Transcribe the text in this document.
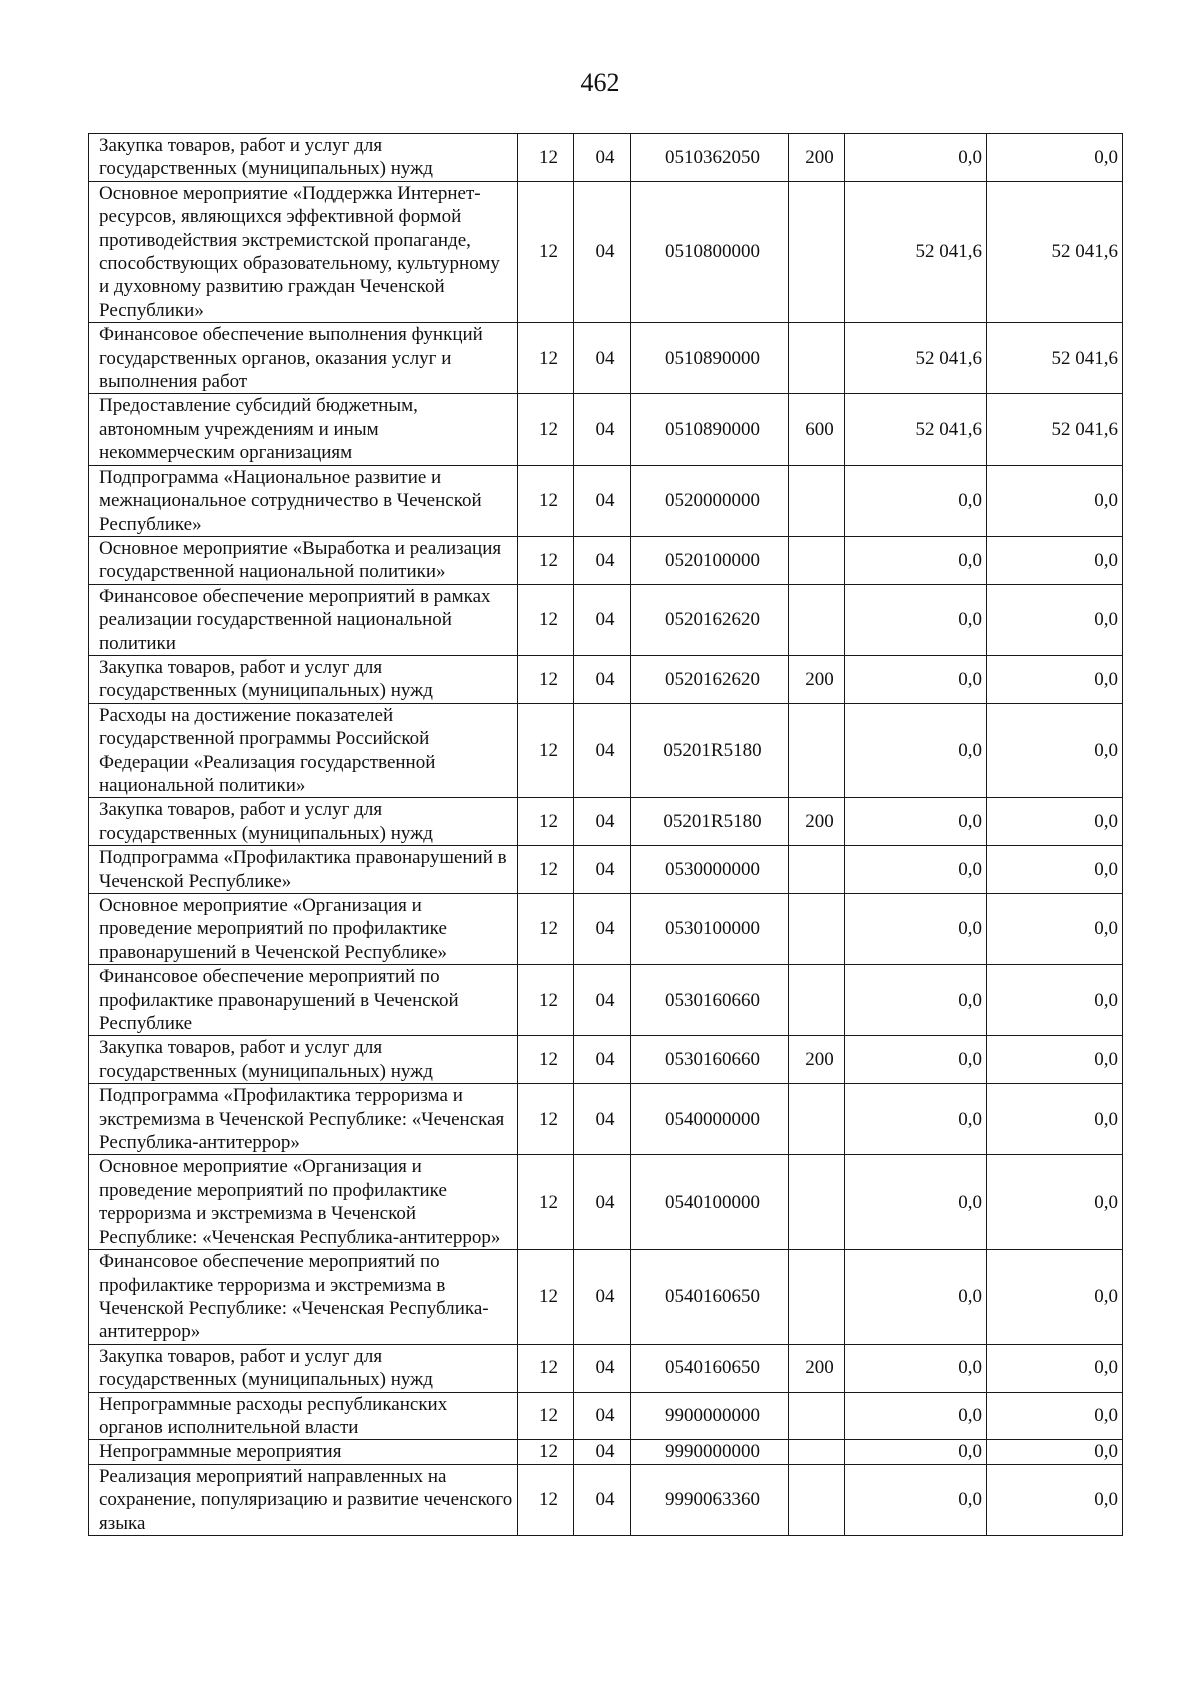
462
Закупка товаров, работ и услуг для государственных (муниципальных) нужд	12	04	0510362050	200	0,0	0,0
Основное мероприятие «Поддержка Интернет-ресурсов, являющихся эффективной формой противодействия экстремистской пропаганде, способствующих образовательному, культурному и духовному развитию граждан Чеченской Республики»	12	04	0510800000		52 041,6	52 041,6
Финансовое обеспечение выполнения функций государственных органов, оказания услуг и выполнения работ	12	04	0510890000		52 041,6	52 041,6
Предоставление субсидий бюджетным, автономным учреждениям и иным некоммерческим организациям	12	04	0510890000	600	52 041,6	52 041,6
Подпрограмма «Национальное развитие и межнациональное сотрудничество в Чеченской Республике»	12	04	0520000000		0,0	0,0
Основное мероприятие «Выработка и реализация государственной национальной политики»	12	04	0520100000		0,0	0,0
Финансовое обеспечение мероприятий в рамках реализации государственной национальной политики	12	04	0520162620		0,0	0,0
Закупка товаров, работ и услуг для государственных (муниципальных) нужд	12	04	0520162620	200	0,0	0,0
Расходы на достижение показателей государственной программы Российской Федерации «Реализация государственной национальной политики»	12	04	05201R5180		0,0	0,0
Закупка товаров, работ и услуг для государственных (муниципальных) нужд	12	04	05201R5180	200	0,0	0,0
Подпрограмма «Профилактика правонарушений в Чеченской Республике»	12	04	0530000000		0,0	0,0
Основное мероприятие «Организация и проведение мероприятий по профилактике правонарушений в Чеченской Республике»	12	04	0530100000		0,0	0,0
Финансовое обеспечение мероприятий по профилактике правонарушений в Чеченской Республике	12	04	0530160660		0,0	0,0
Закупка товаров, работ и услуг для государственных (муниципальных) нужд	12	04	0530160660	200	0,0	0,0
Подпрограмма «Профилактика терроризма и экстремизма в Чеченской Республике: «Чеченская Республика-антитеррор»	12	04	0540000000		0,0	0,0
Основное мероприятие «Организация и проведение мероприятий по профилактике терроризма и экстремизма в Чеченской Республике: «Чеченская Республика-антитеррор»	12	04	0540100000		0,0	0,0
Финансовое обеспечение мероприятий по профилактике терроризма и экстремизма в Чеченской Республике: «Чеченская Республика-антитеррор»	12	04	0540160650		0,0	0,0
Закупка товаров, работ и услуг для государственных (муниципальных) нужд	12	04	0540160650	200	0,0	0,0
Непрограммные расходы республиканских органов исполнительной власти	12	04	9900000000		0,0	0,0
Непрограммные мероприятия	12	04	9990000000		0,0	0,0
Реализация мероприятий направленных на сохранение, популяризацию и развитие чеченского языка	12	04	9990063360		0,0	0,0
